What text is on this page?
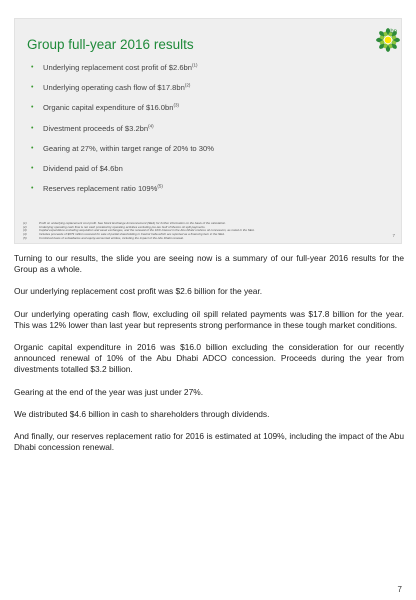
Group full-year 2016 results
bp
• Underlying replacement cost profit of $\$2.6bn^{(1)}$
• Underlying operating cash flow of $\$17.8bn^{(2)}$
• Organic capital expenditure of $\$16.0bn^{(3)}$
• Divestment proceeds of $\$3.2bn^{(4)}$
• Gearing at 27%, within target range of 20% to 30%
• Dividend paid of $4.6bn
• Reserves replacement ratio 109%$^{(5)}$
(1)	Profit on underlying replacement cost profit. See Stock Exchange Announcement (SEA) for further information on the basis of the calculation.
(2)	Underlying operating cash flow is net cash provided by operating activities excluding pre-tax Gulf of Mexico oil spill payments.
(3)	Capital expenditure excluding acquisition and asset exchanges, and the renewal of the 10% interest in the Abu Dhabi onshore oil concession, as noted in the SEA.
(4)	Includes proceeds of $979 million received for sale of partial shareholding in Castrol India which are reported as a financing item in the SEA.
(5)	Combined basis of subsidiaries and equity-accounted entities, including the impact of the Abu Dhabi renewal.	7

Turning to our results, the slide you are seeing now is a summary of our full-year 2016 results for the Group as a whole.

Our underlying replacement cost profit was $2.6 billion for the year.

Our underlying operating cash flow, excluding oil spill related payments was $17.8 billion for the year. This was 12% lower than last year but represents strong performance in these tough market conditions.

Organic capital expenditure in 2016 was $16.0 billion excluding the consideration for our recently announced renewal of 10% of the Abu Dhabi ADCO concession. Proceeds during the year from divestments totalled $3.2 billion.

Gearing at the end of the year was just under 27%.

We distributed $4.6 billion in cash to shareholders through dividends.

And finally, our reserves replacement ratio for 2016 is estimated at 109%, including the impact of the Abu Dhabi concession renewal.

7
